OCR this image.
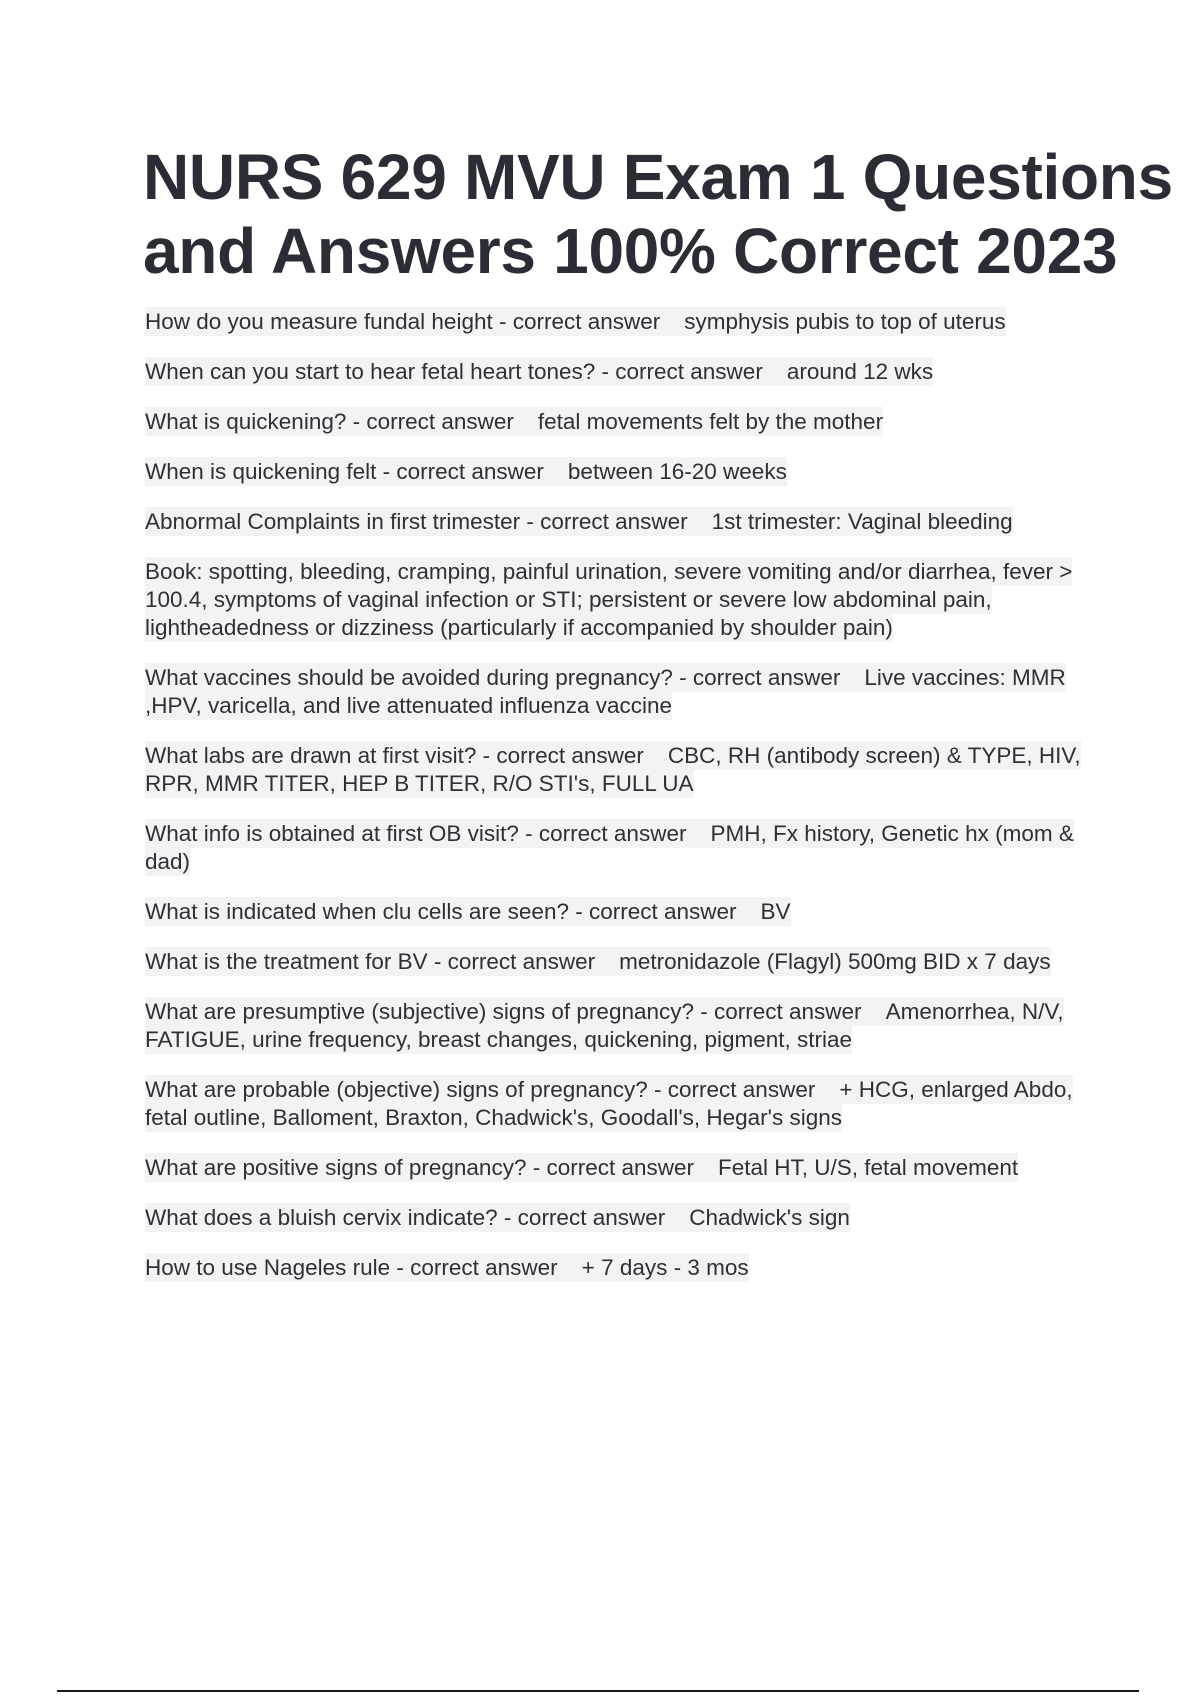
NURS 629 MVU Exam 1 Questions and Answers 100% Correct 2023

How do you measure fundal height - correct answer symphysis pubis to top of uterus

When can you start to hear fetal heart tones? - correct answer around 12 wks

What is quickening? - correct answer fetal movements felt by the mother

When is quickening felt - correct answer between 16-20 weeks

Abnormal Complaints in first trimester - correct answer 1st trimester: Vaginal bleeding

Book: spotting, bleeding, cramping, painful urination, severe vomiting and/or diarrhea, fever > 100.4, symptoms of vaginal infection or STI; persistent or severe low abdominal pain, lightheadedness or dizziness (particularly if accompanied by shoulder pain)

What vaccines should be avoided during pregnancy? - correct answer Live vaccines: MMR ,HPV, varicella, and live attenuated influenza vaccine

What labs are drawn at first visit? - correct answer CBC, RH (antibody screen) & TYPE, HIV, RPR, MMR TITER, HEP B TITER, R/O STI's, FULL UA

What info is obtained at first OB visit? - correct answer PMH, Fx history, Genetic hx (mom & dad)

What is indicated when clu cells are seen? - correct answer BV

What is the treatment for BV - correct answer metronidazole (Flagyl) 500mg BID x 7 days

What are presumptive (subjective) signs of pregnancy? - correct answer Amenorrhea, N/V, FATIGUE, urine frequency, breast changes, quickening, pigment, striae

What are probable (objective) signs of pregnancy? - correct answer + HCG, enlarged Abdo, fetal outline, Balloment, Braxton, Chadwick's, Goodall's, Hegar's signs

What are positive signs of pregnancy? - correct answer Fetal HT, U/S, fetal movement

What does a bluish cervix indicate? - correct answer Chadwick's sign

How to use Nageles rule - correct answer + 7 days - 3 mos
